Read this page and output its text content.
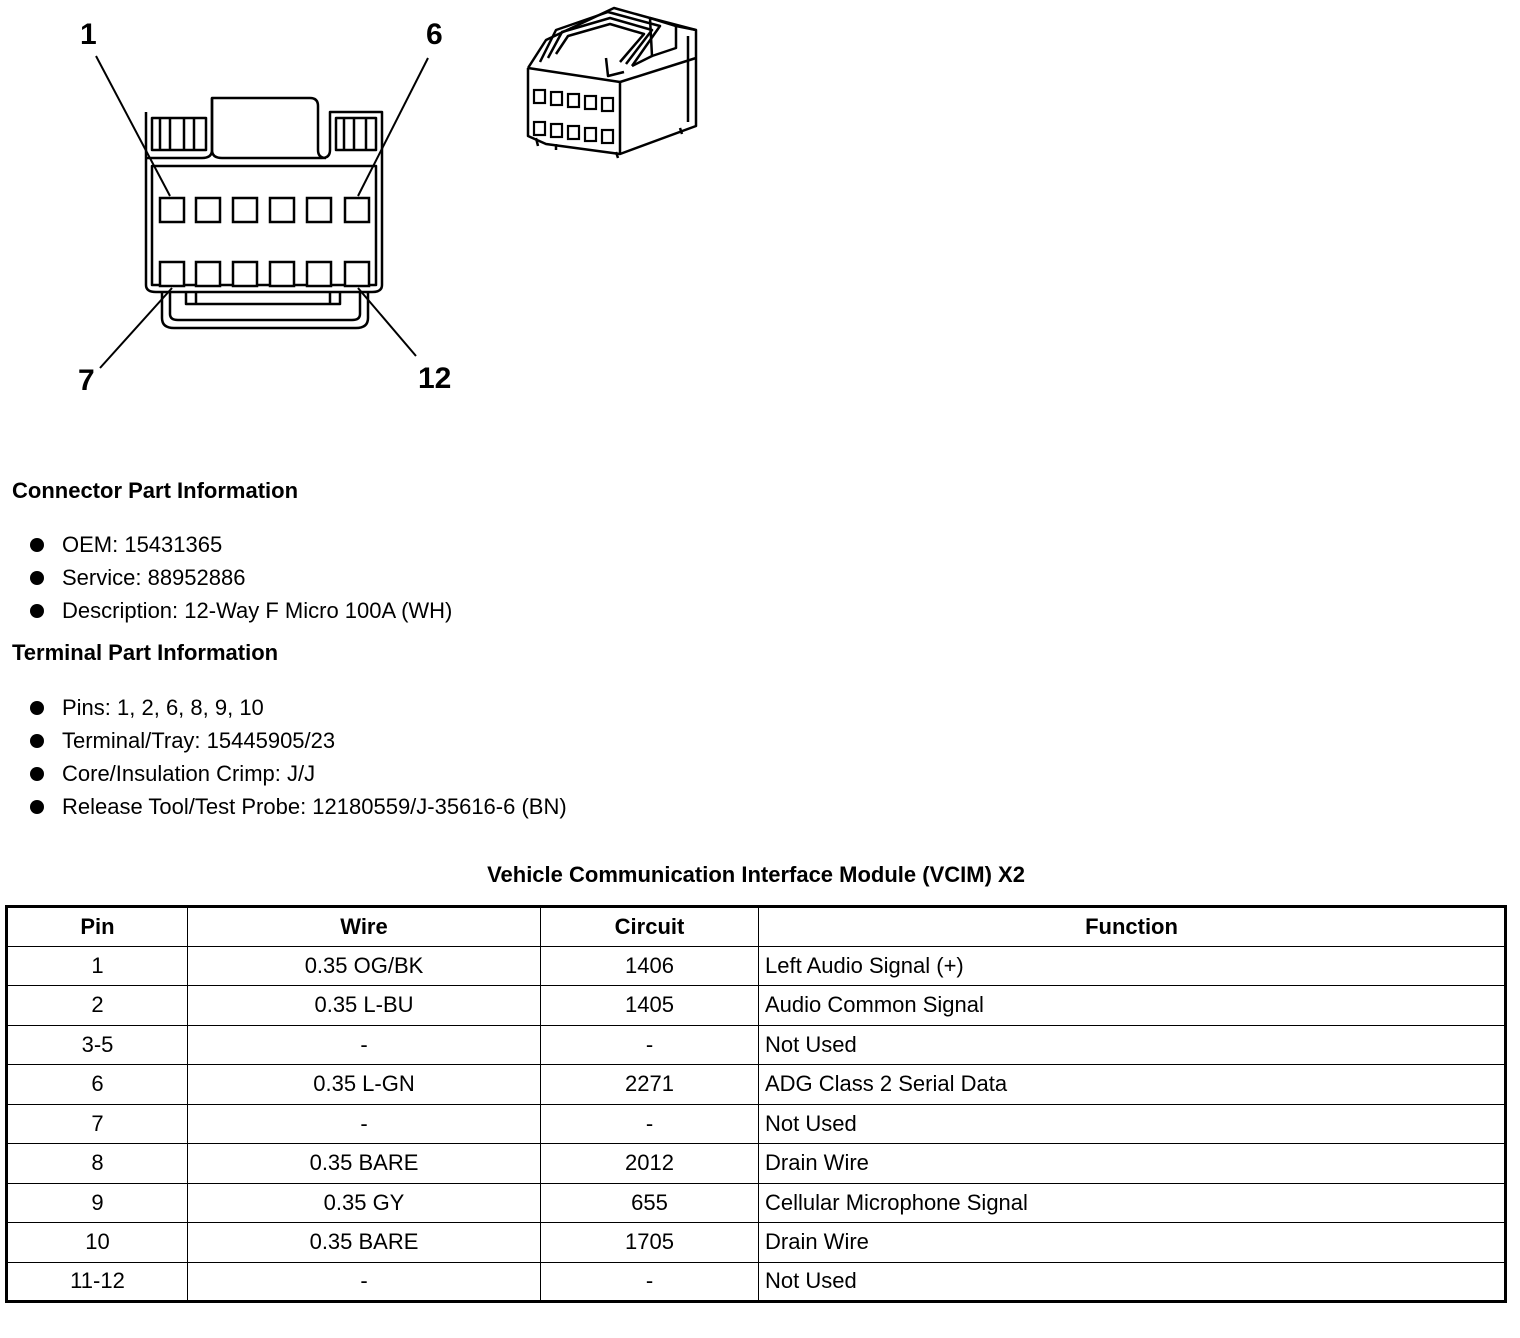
1	6
7	12
Connector Part Information
OEM: 15431365
Service: 88952886
Description: 12-Way F Micro 100A (WH)
Terminal Part Information
Pins: 1, 2, 6, 8, 9, 10
Terminal/Tray: 15445905/23
Core/Insulation Crimp: J/J
Release Tool/Test Probe: 12180559/J-35616-6 (BN)
Vehicle Communication Interface Module (VCIM) X2
Pin	Wire	Circuit	Function
1	0.35 OG/BK	1406	Left Audio Signal (+)
2	0.35 L-BU	1405	Audio Common Signal
3-5	-	-	Not Used
6	0.35 L-GN	2271	ADG Class 2 Serial Data
7	-	-	Not Used
8	0.35 BARE	2012	Drain Wire
9	0.35 GY	655	Cellular Microphone Signal
10	0.35 BARE	1705	Drain Wire
11-12	-	-	Not Used
